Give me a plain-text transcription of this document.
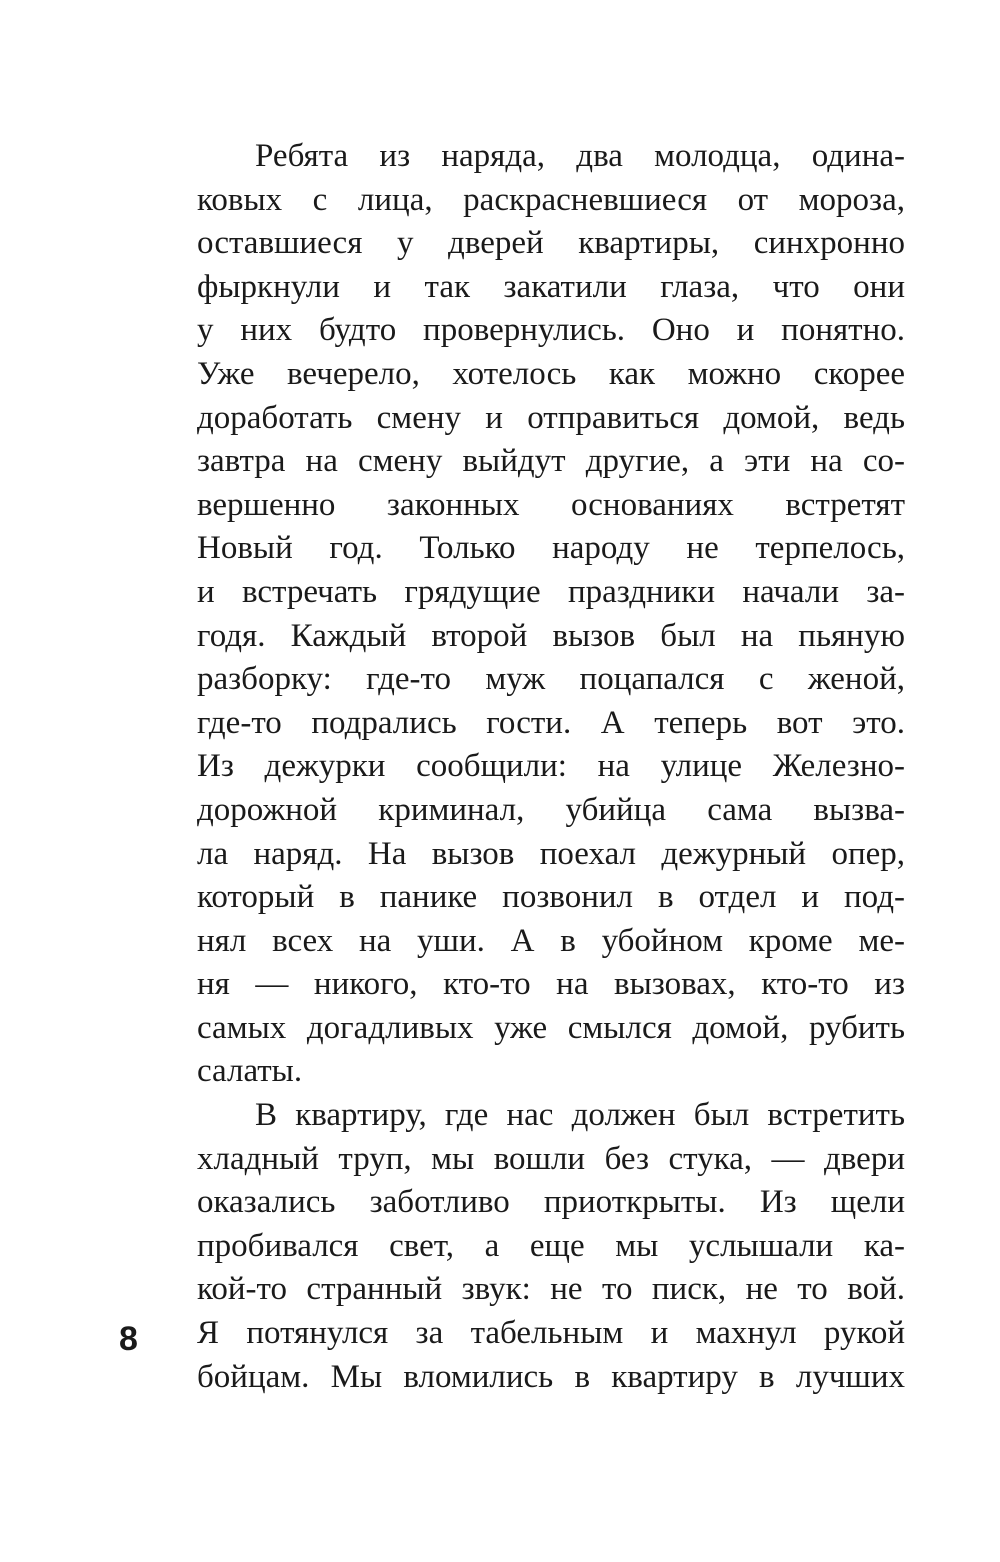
Ребята из наряда, два молодца, одина-
ковых с лица, раскрасневшиеся от мороза,
оставшиеся у дверей квартиры, синхронно
фыркнули и так закатили глаза, что они
у них будто провернулись. Оно и понятно.
Уже вечерело, хотелось как можно скорее
доработать смену и отправиться домой, ведь
завтра на смену выйдут другие, а эти на со-
вершенно законных основаниях встретят
Новый год. Только народу не терпелось,
и встречать грядущие праздники начали за-
годя. Каждый второй вызов был на пьяную
разборку: где-то муж поцапался с женой,
где-то подрались гости. А теперь вот это.
Из дежурки сообщили: на улице Железно-
дорожной криминал, убийца сама вызва-
ла наряд. На вызов поехал дежурный опер,
который в панике позвонил в отдел и под-
нял всех на уши. А в убойном кроме ме-
ня — никого, кто-то на вызовах, кто-то из
самых догадливых уже смылся домой, рубить
салаты.
В квартиру, где нас должен был встретить
хладный труп, мы вошли без стука, — двери
оказались заботливо приоткрыты. Из щели
пробивался свет, а еще мы услышали ка-
кой-то странный звук: не то писк, не то вой.
Я потянулся за табельным и махнул рукой
бойцам. Мы вломились в квартиру в лучших
8
